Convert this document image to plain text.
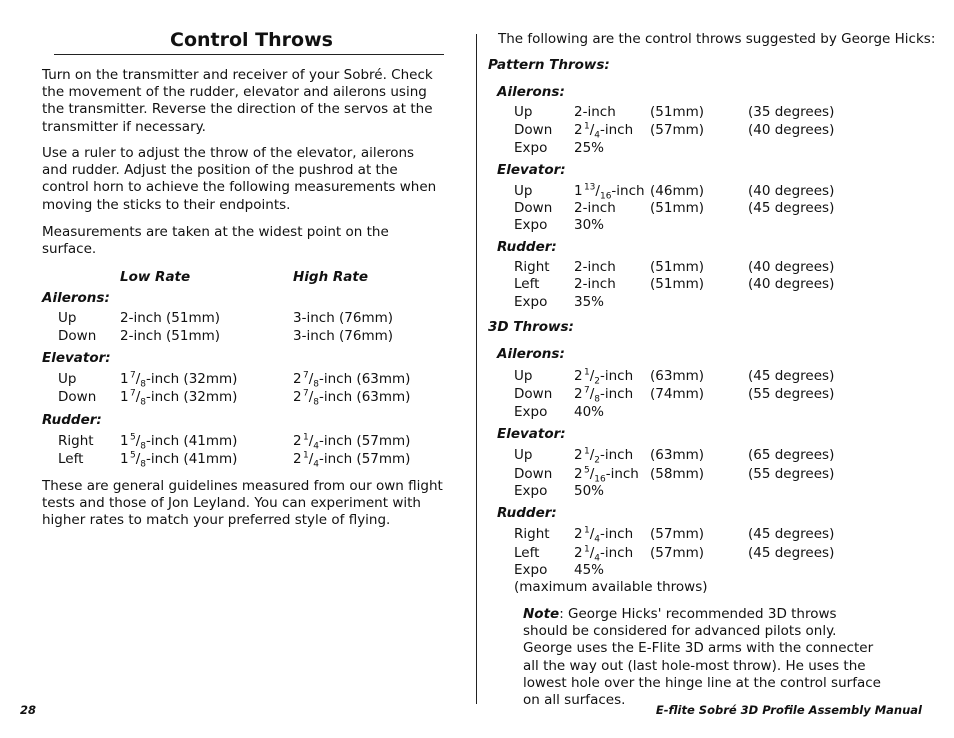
Control Throws
Turn on the transmitter and receiver of your Sobré. Check the movement of the rudder, elevator and ailerons using the transmitter. Reverse the direction of the servos at the transmitter if necessary.
Use a ruler to adjust the throw of the elevator, ailerons and rudder. Adjust the position of the pushrod at the control horn to achieve the following measurements when moving the sticks to their endpoints.
Measurements are taken at the widest point on the surface.
Low Rate	High Rate
Ailerons:
Up	2-inch (51mm)	3-inch (76mm)
Down 2-inch (51mm)	3-inch (76mm)
Elevator:
Up	1 $^7/_8$-inch (32mm)	2 $^7/_8$-inch (63mm)
Down 1 $^7/_8$-inch (32mm)	2 $^7/_8$-inch (63mm)
Rudder:
Right 1 $^5/_8$-inch (41mm)	2 $^1/_4$-inch (57mm)
Left	1 $^5/_8$-inch (41mm)	2 $^1/_4$-inch (57mm)
These are general guidelines measured from our own flight tests and those of Jon Leyland. You can experiment with higher rates to match your preferred style of flying.
The following are the control throws suggested by George Hicks:
Pattern Throws:
Ailerons:
Up	2-inch	(51mm)	(35 degrees)
Down 2 $^1/_4$-inch (57mm)	(40 degrees)
Expo 25%
Elevator:
Up	1 $^{13}/_{16}$-inch (46mm)	(40 degrees)
Down 2-inch	(51mm)	(45 degrees)
Expo 30%
Rudder:
Right 2-inch	(51mm)	(40 degrees)
Left	2-inch	(51mm)	(40 degrees)
Expo 35%
3D Throws:
Ailerons:
Up	2 $^1/_2$-inch (63mm)	(45 degrees)
Down 2 $^7/_8$-inch (74mm)	(55 degrees)
Expo 40%
Elevator:
Up	2 $^1/_2$-inch (63mm)	(65 degrees)
Down 2 $^5/_{16}$-inch (58mm)	(55 degrees)
Expo 50%
Rudder:
Right 2 $^1/_4$-inch (57mm)	(45 degrees)
Left	2 $^1/_4$-inch (57mm)	(45 degrees)
Expo 45%
(maximum available throws)
Note: George Hicks' recommended 3D throws should be considered for advanced pilots only. George uses the E-Flite 3D arms with the connecter all the way out (last hole-most throw). He uses the lowest hole over the hinge line at the control surface on all surfaces.
28	E-flite Sobré 3D Profile Assembly Manual
